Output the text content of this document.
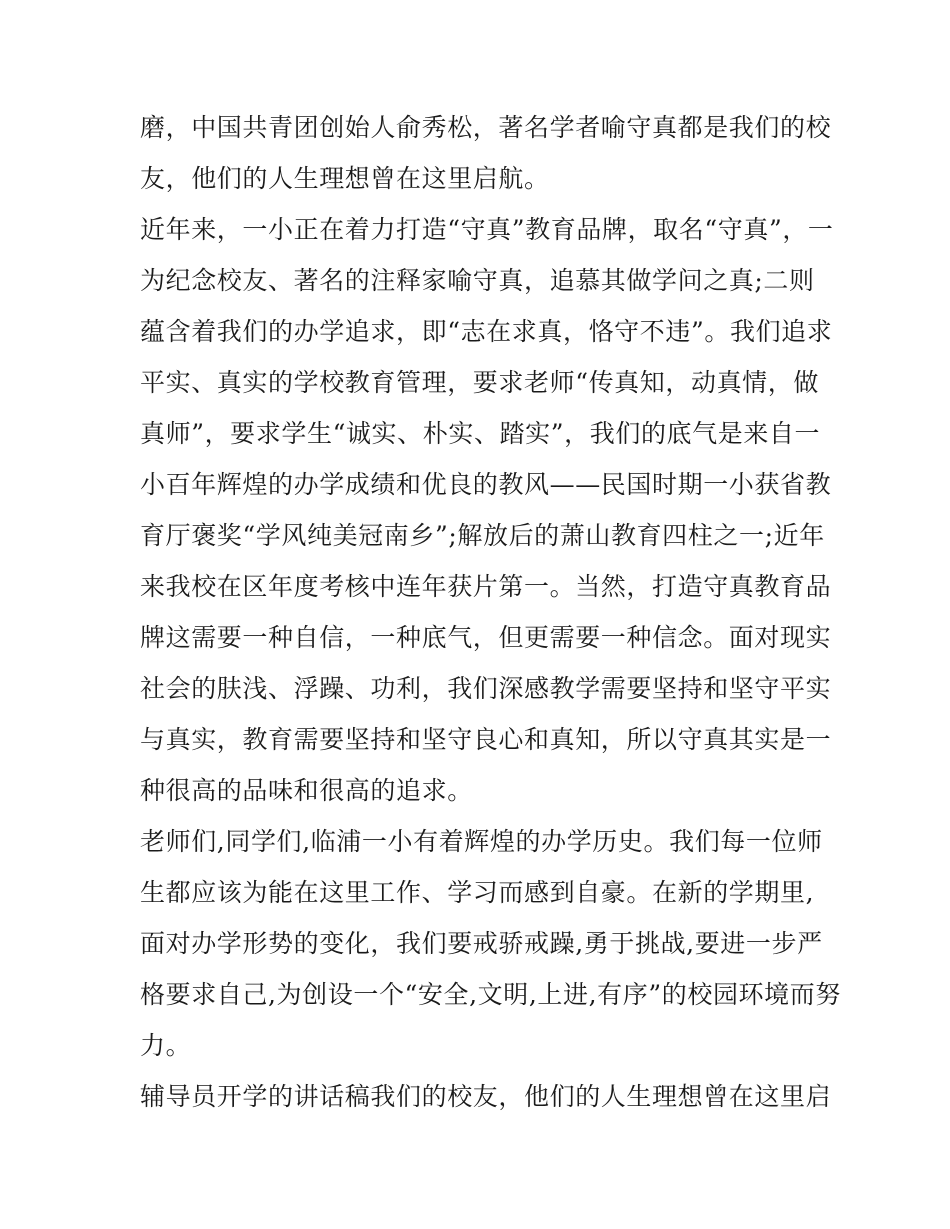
磨，中国共青团创始人俞秀松，著名学者喻守真都是我们的校
友，他们的人生理想曾在这里启航。
近年来，一小正在着力打造“守真”教育品牌，取名“守真”，一
为纪念校友、著名的注释家喻守真，追慕其做学问之真;二则
蕴含着我们的办学追求，即“志在求真，恪守不违”。我们追求
平实、真实的学校教育管理，要求老师“传真知，动真情，做
真师”，要求学生“诚实、朴实、踏实”，我们的底气是来自一
小百年辉煌的办学成绩和优良的教风——民国时期一小获省教
育厅褒奖“学风纯美冠南乡”;解放后的萧山教育四柱之一;近年
来我校在区年度考核中连年获片第一。当然，打造守真教育品
牌这需要一种自信，一种底气，但更需要一种信念。面对现实
社会的肤浅、浮躁、功利，我们深感教学需要坚持和坚守平实
与真实，教育需要坚持和坚守良心和真知，所以守真其实是一
种很高的品味和很高的追求。
老师们,同学们,临浦一小有着辉煌的办学历史。我们每一位师
生都应该为能在这里工作、学习而感到自豪。在新的学期里,
面对办学形势的变化，我们要戒骄戒躁,勇于挑战,要进一步严
格要求自己,为创设一个“安全,文明,上进,有序”的校园环境而努
力。
辅导员开学的讲话稿我们的校友，他们的人生理想曾在这里启
